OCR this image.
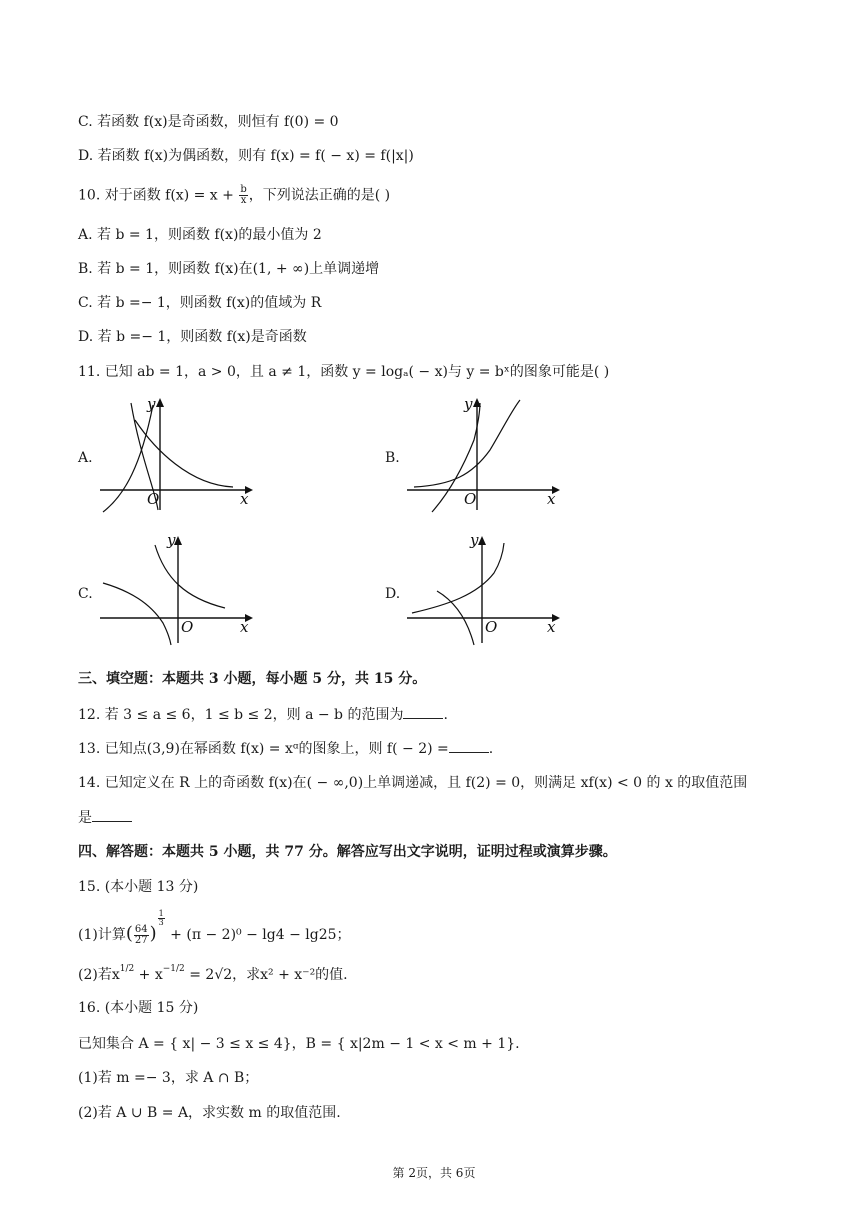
C. 若函数 f(x)是奇函数，则恒有 f(0) = 0
D. 若函数 f(x)为偶函数，则有 f(x) = f( − x) = f(|x|)
10. 对于函数 $f(x) = x + \frac{b}{x}$ ，下列说法正确的是( )
A. 若 b = 1，则函数 f(x)的最小值为 2
B. 若 b = 1，则函数 f(x)在(1, + ∞)上单调递增
C. 若 b =− 1，则函数 f(x)的值域为 R
D. 若 b =− 1，则函数 f(x)是奇函数
11. 已知 ab = 1，a > 0，且 a ≠ 1，函数 y = logₐ( − x)与 y = bˣ的图象可能是( )
A.
y
x
O
B.
y
x
O
C.
y
x
O
D.
y
x
O
三、填空题：本题共 3 小题，每小题 5 分，共 15 分。
12. 若 3 ≤ a ≤ 6，1 ≤ b ≤ 2，则 a − b 的范围为	.
13. 已知点(3,9)在幂函数 f(x) = xᵅ的图象上，则 f( − 2) =	.
14. 已知定义在 R 上的奇函数 f(x)在( − ∞,0)上单调递减，且 f(2) = 0，则满足 xf(x) < 0 的 x 的取值范围
是
四、解答题：本题共 5 小题，共 77 分。解答应写出文字说明，证明过程或演算步骤。
15. (本小题 13 分)
(1)计算( $\frac{64}{27}$ )
$\frac{1}{3}$
+ (π − 2)⁰ − lg4 − lg25；
(2)若$x^{1/2} + x^{-1/2} = 2√2$，求x² + x⁻²的值.
16. (本小题 15 分)
已知集合 A = { x| − 3 ≤ x ≤ 4}，B = { x|2m − 1 < x < m + 1}.
(1)若 m =− 3，求 A ∩ B；
(2)若 A ∪ B = A，求实数 m 的取值范围.
第 2页，共 6页
